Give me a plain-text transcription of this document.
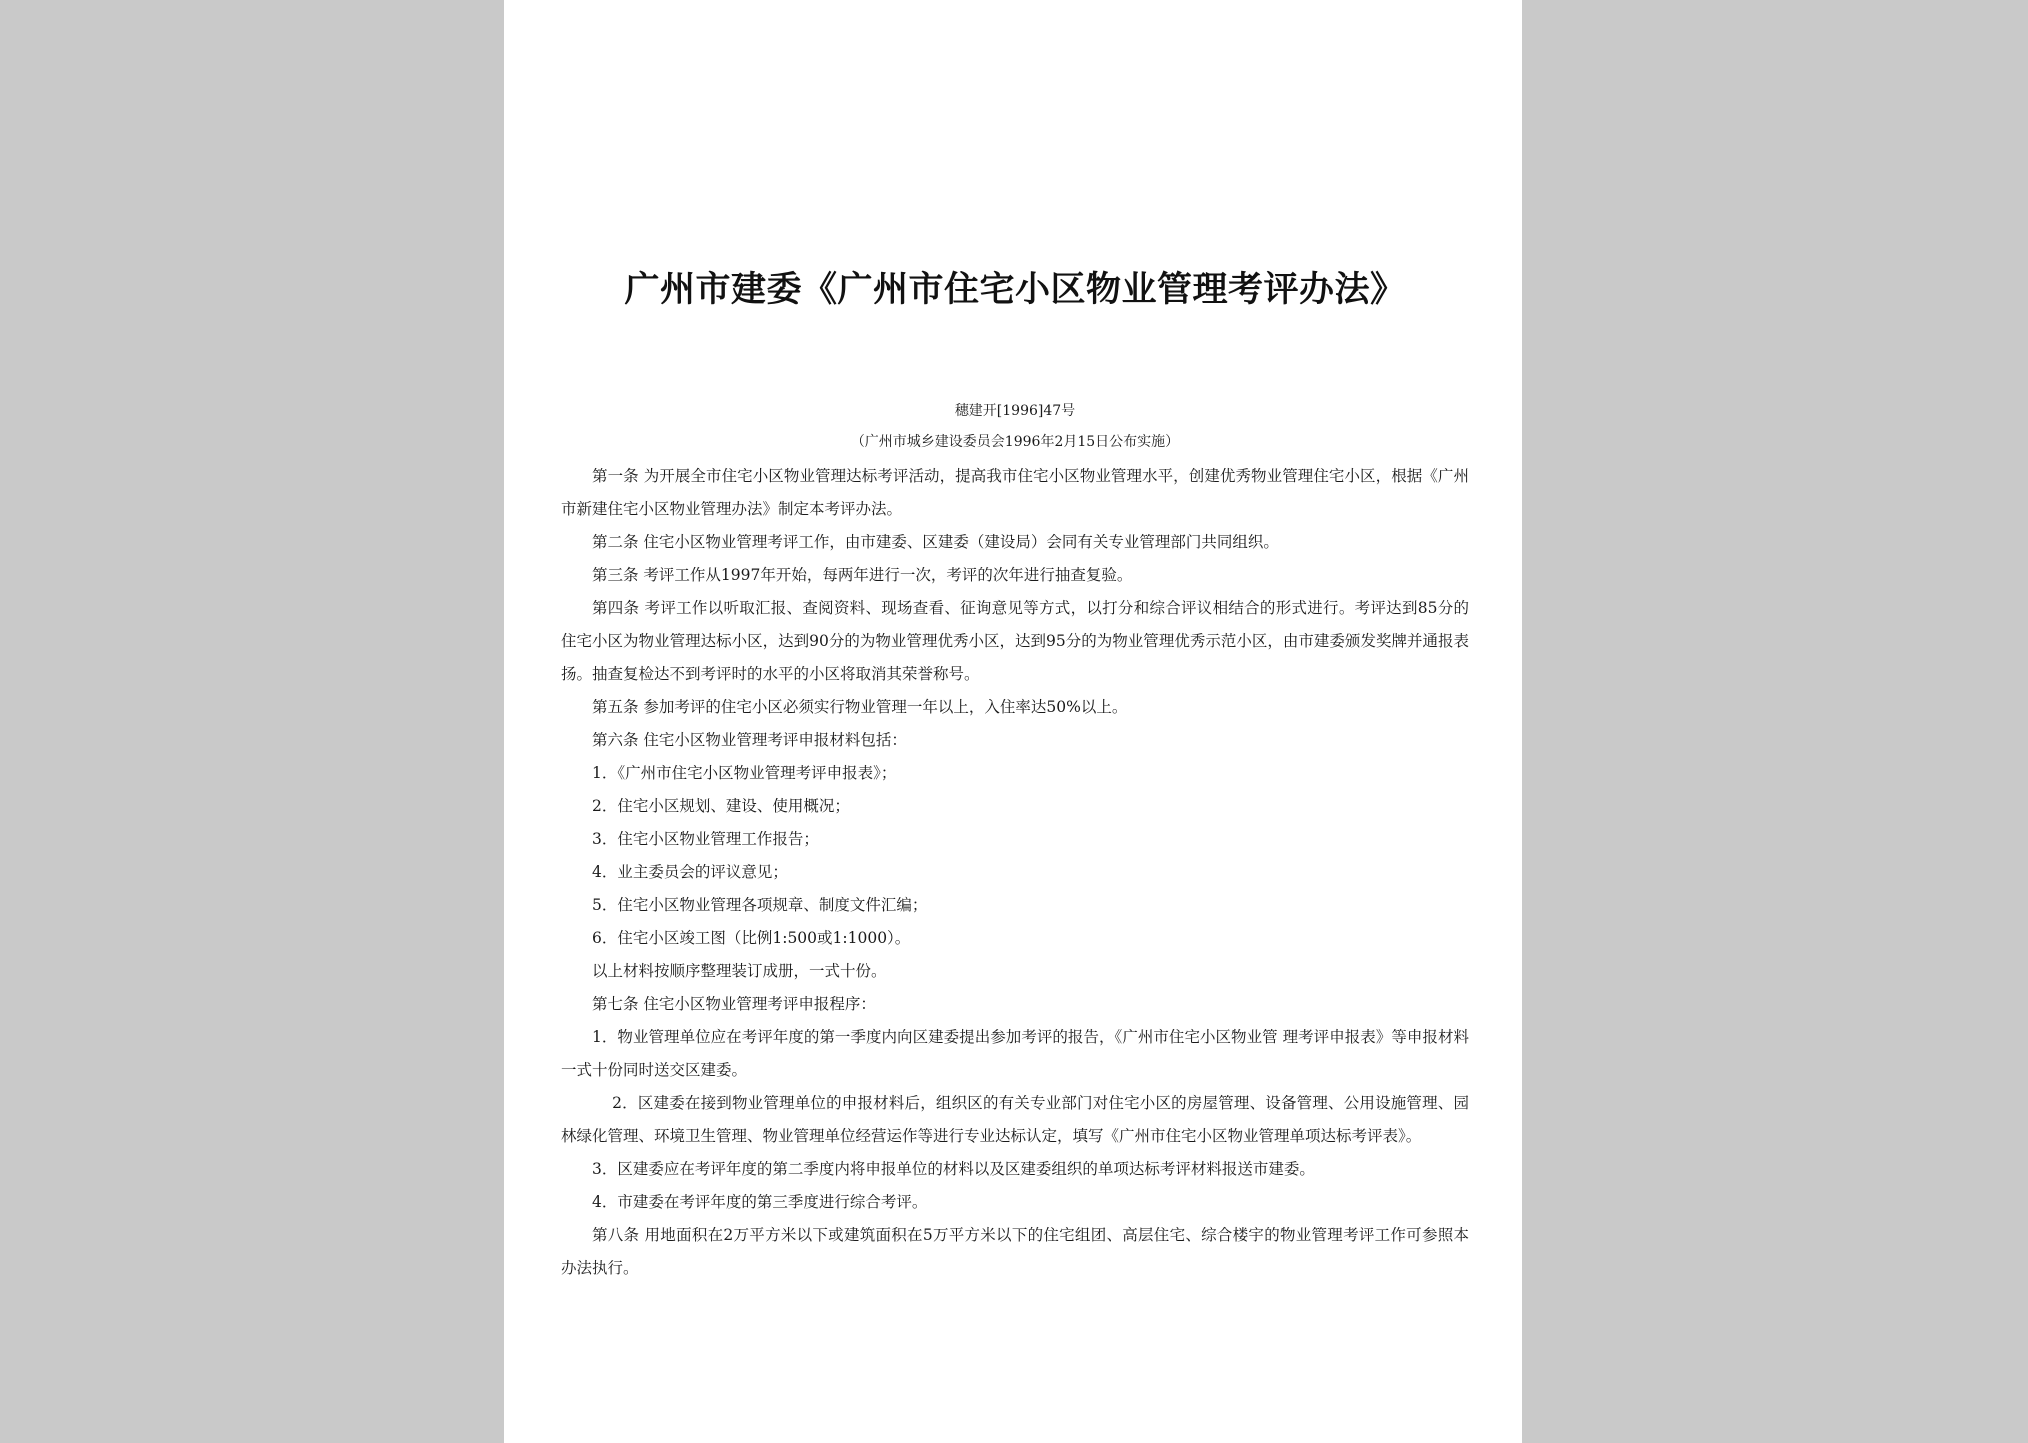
广州市建委《广州市住宅小区物业管理考评办法》
穗建开[1996]47号
（广州市城乡建设委员会1996年2月15日公布实施）

第一条 为开展全市住宅小区物业管理达标考评活动，提高我市住宅小区物业管理水平，创建优秀物业管理住宅小区，根据《广州市新建住宅小区物业管理办法》制定本考评办法。

第二条 住宅小区物业管理考评工作，由市建委、区建委（建设局）会同有关专业管理部门共同组织。

第三条 考评工作从1997年开始，每两年进行一次，考评的次年进行抽查复验。

第四条 考评工作以听取汇报、查阅资料、现场查看、征询意见等方式，以打分和综合评议相结合的形式进行。考评达到85分的住宅小区为物业管理达标小区，达到90分的为物业管理优秀小区，达到95分的为物业管理优秀示范小区，由市建委颁发奖牌并通报表扬。抽查复检达不到考评时的水平的小区将取消其荣誉称号。

第五条 参加考评的住宅小区必须实行物业管理一年以上，入住率达50%以上。

第六条 住宅小区物业管理考评申报材料包括：

1．《广州市住宅小区物业管理考评申报表》；

2．住宅小区规划、建设、使用概况；

3．住宅小区物业管理工作报告；

4．业主委员会的评议意见；

5．住宅小区物业管理各项规章、制度文件汇编；

6．住宅小区竣工图（比例1:500或1:1000）。

以上材料按顺序整理装订成册，一式十份。

第七条 住宅小区物业管理考评申报程序：

1．物业管理单位应在考评年度的第一季度内向区建委提出参加考评的报告，《广州市住宅小区物业管 理考评申报表》等申报材料一式十份同时送交区建委。

2．区建委在接到物业管理单位的申报材料后，组织区的有关专业部门对住宅小区的房屋管理、设备管理、公用设施管理、园林绿化管理、环境卫生管理、物业管理单位经营运作等进行专业达标认定，填写《广州市住宅小区物业管理单项达标考评表》。

3．区建委应在考评年度的第二季度内将申报单位的材料以及区建委组织的单项达标考评材料报送市建委。

4．市建委在考评年度的第三季度进行综合考评。

第八条 用地面积在2万平方米以下或建筑面积在5万平方米以下的住宅组团、高层住宅、综合楼宇的物业管理考评工作可参照本办法执行。
